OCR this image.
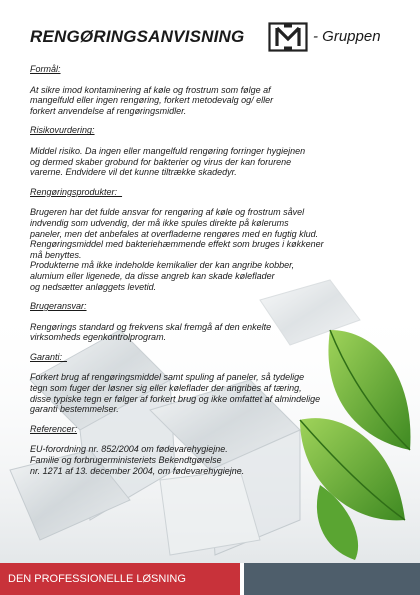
RENGØRINGSANVISNING	- Gruppen

Formål:

At sikre imod kontaminering af køle og frostrum som følge af
mangelfuld eller ingen rengøring, forkert metodevalg og/ eller
forkert anvendelse af rengøringsmidler.

Risikovurdering:

Middel risiko. Da ingen eller mangelfuld rengøring forringer hygiejnen
og dermed skaber grobund for bakterier og virus der kan forurene
varerne. Endvidere vil det kunne tiltrække skadedyr.

Rengøringsprodukter:

Brugeren har det fulde ansvar for rengøring af køle og frostrum såvel
indvendig som udvendig, der må ikke spules direkte på kølerums
paneler, men det anbefales at overfladerne rengøres med en fugtig klud.
Rengøringsmiddel med bakteriehæmmende effekt som bruges i køkkener
må benyttes.
Produkterne må ikke indeholde kemikalier der kan angribe kobber,
alumium eller ligenede, da disse angreb kan skade køleflader
og nedsætter anløggets levetid.

Brugeransvar:

Rengørings standard og frekvens skal fremgå af den enkelte
virksomheds egenkontrolprogram.

Garanti:

Forkert brug af rengøringsmiddel samt spuling af paneler, så tydelige
tegn som fuger der løsner sig eller køleflader der angribes af tæring,
disse typiske tegn er følger af forkert brug og ikke omfattet af almindelige
garanti bestemmelser.

Referencer:

EU-forordning nr. 852/2004 om fødevarehygiejne.
Familie og forbrugerministeriets Bekendtgørelse
nr. 1271 af 13. december 2004, om fødevarehygiejne.

DEN PROFESSIONELLE LØSNING
